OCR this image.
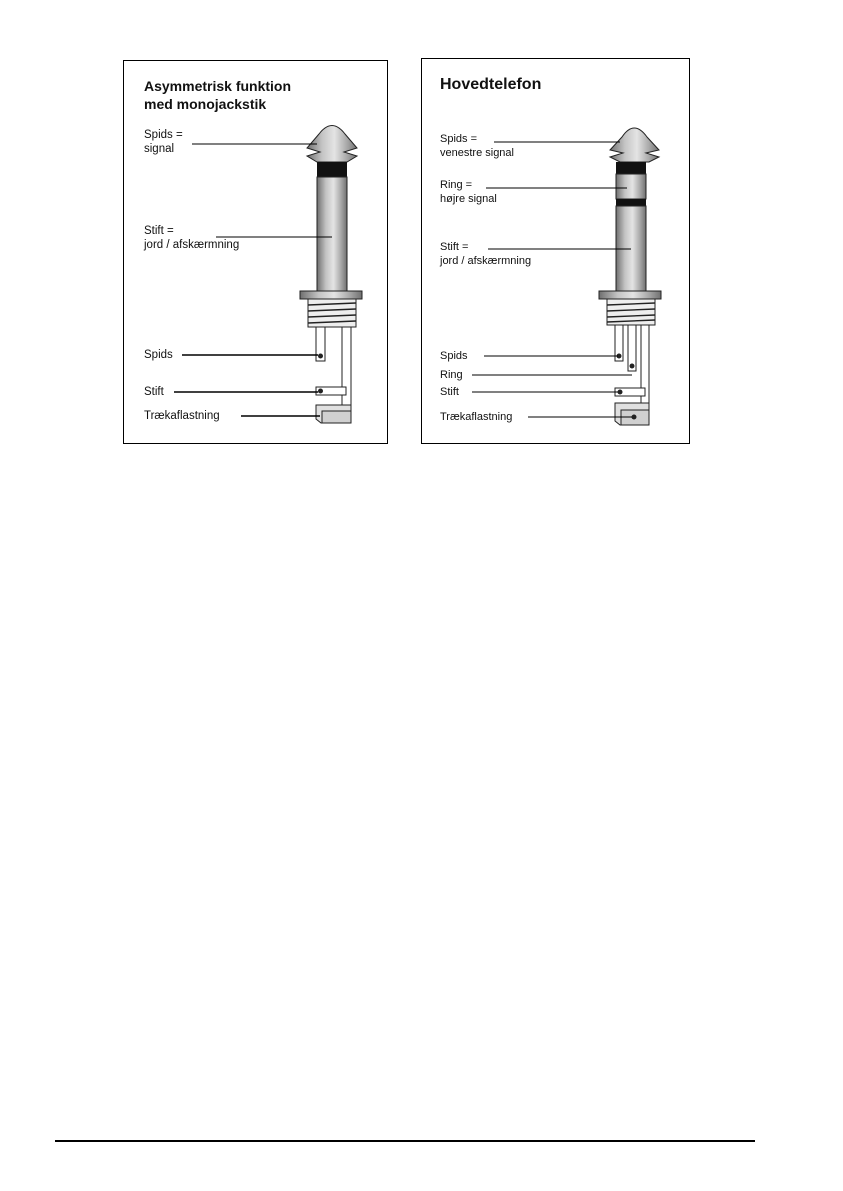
Asymmetrisk funktion
med monojackstik
Spids =
signal
Stift =
jord / afskærmning
Spids
Stift
Trækaflastning
Hovedtelefon
Spids =
venestre signal
Ring =
højre signal
Stift =
jord / afskærmning
Spids
Ring
Stift
Trækaflastning
